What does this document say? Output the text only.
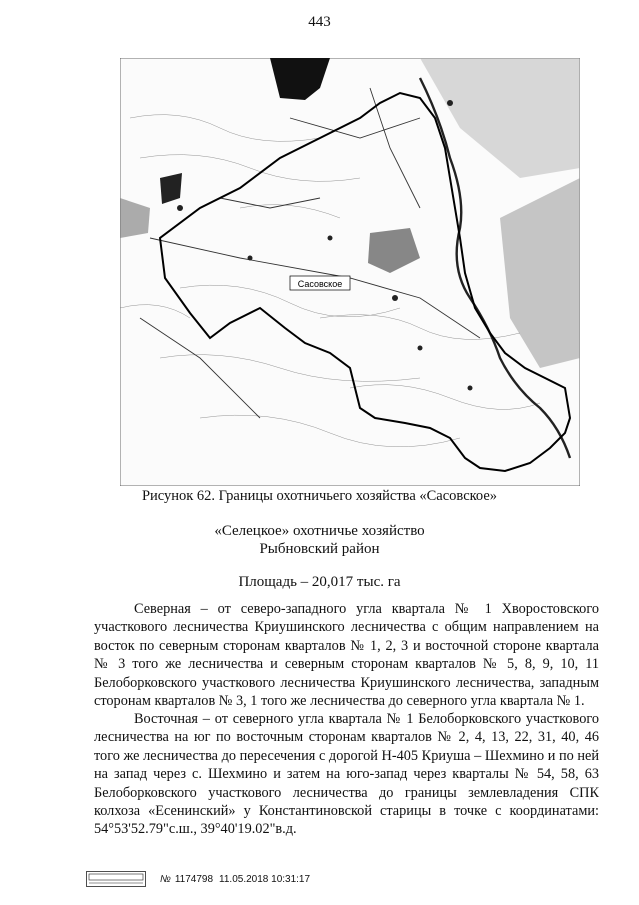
443
Сасовское
Рисунок 62. Границы охотничьего хозяйства «Сасовское»
«Селецкое» охотничье хозяйство
Рыбновский район
Площадь – 20,017 тыс. га

Северная – от северо-западного угла квартала № 1 Хворостовского участкового лесничества Криушинского лесничества с общим направлением на восток по северным сторонам кварталов № 1, 2, 3 и восточной стороне квартала № 3 того же лесничества и северным сторонам кварталов № 5, 8, 9, 10, 11 Белоборковского участкового лесничества Криушинского лесничества, западным сторонам кварталов № 3, 1 того же лесничества до северного угла квартала № 1.

Восточная – от северного угла квартала № 1 Белоборковского участкового лесничества на юг по восточным сторонам кварталов № 2, 4, 13, 22, 31, 40, 46 того же лесничества до пересечения с дорогой Н-405 Криуша – Шехмино и по ней на запад через с. Шехмино и затем на юго-запад через кварталы № 54, 58, 63 Белоборковского участкового лесничества до границы землевладения СПК колхоза «Есенинский» у Константиновской старицы в точке с координатами: 54°53'52.79"с.ш., 39°40'19.02"в.д.

№ 1174798 11.05.2018 10:31:17
